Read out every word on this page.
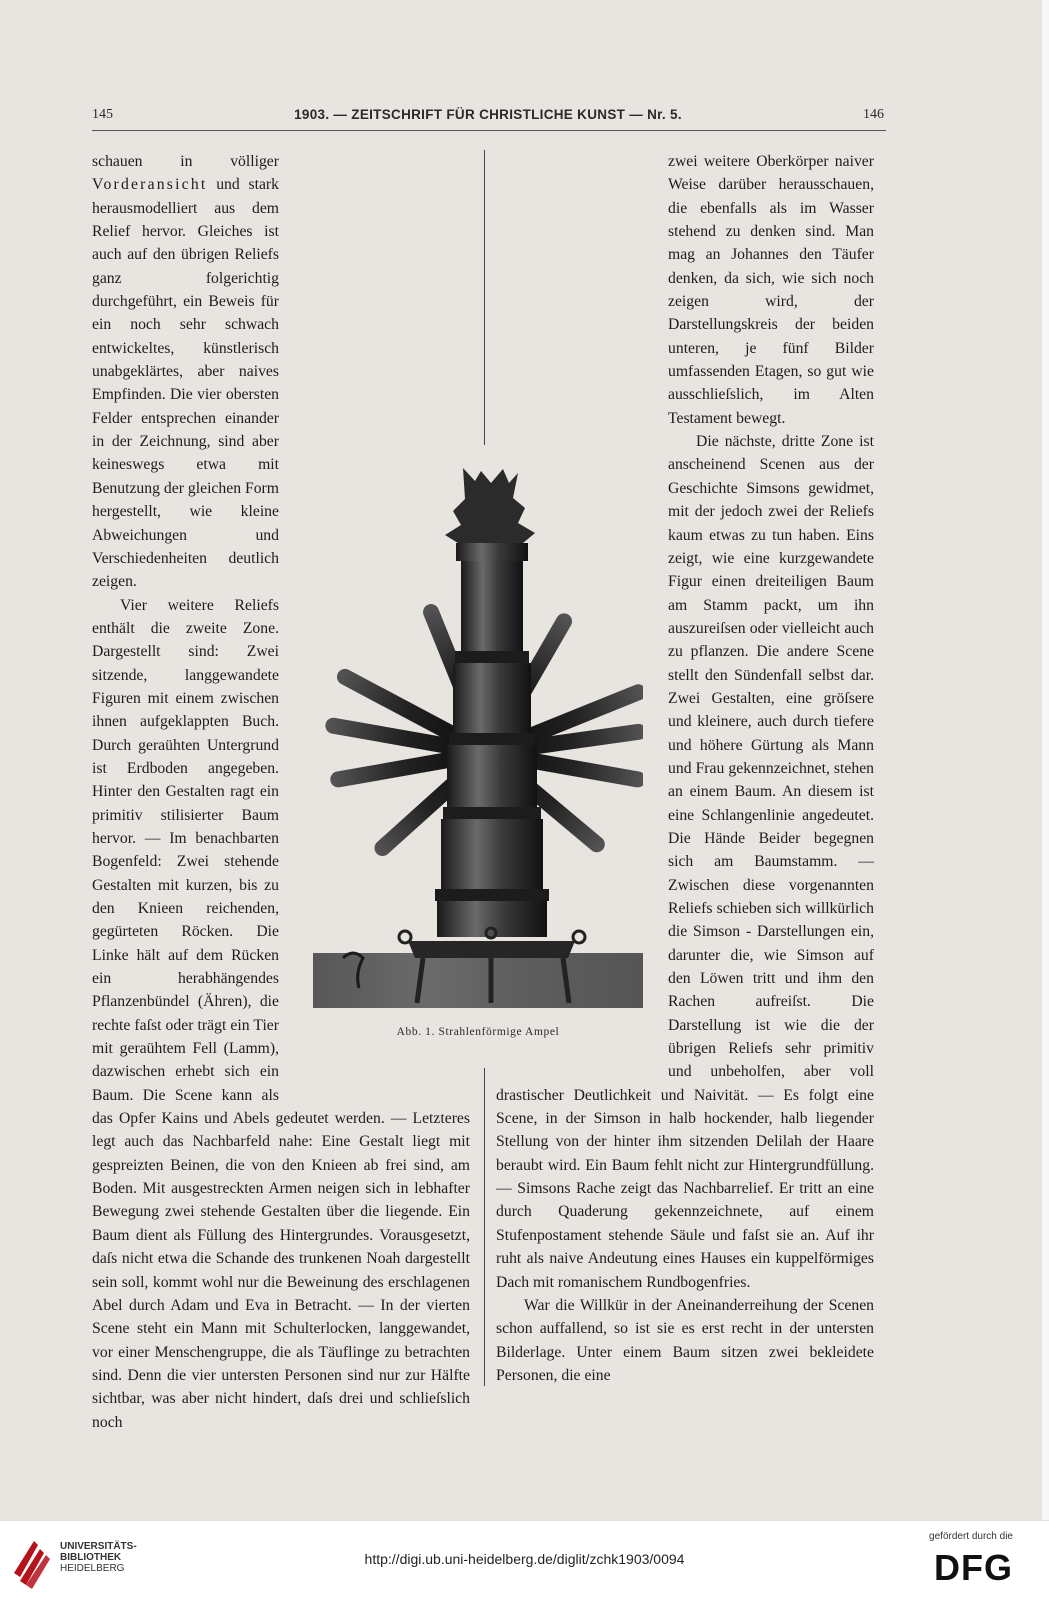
145	1903. — ZEITSCHRIFT FÜR CHRISTLICHE KUNST — Nr. 5.	146

schauen in völliger Vorderansicht und stark herausmodelliert aus dem Relief hervor. Gleiches ist auch auf den übrigen Reliefs ganz folgerichtig durchgeführt, ein Beweis für ein noch sehr schwach entwickeltes, künstlerisch unabgeklärtes, aber naives Empfinden. Die vier obersten Felder entsprechen einander in der Zeichnung, sind aber keineswegs etwa mit Benutzung der gleichen Form hergestellt, wie kleine Abweichungen und Verschiedenheiten deutlich zeigen.

Vier weitere Reliefs enthält die zweite Zone. Dargestellt sind: Zwei sitzende, langgewandete Figuren mit einem zwischen ihnen aufgeklappten Buch. Durch geraühten Untergrund ist Erdboden angegeben. Hinter den Gestalten ragt ein primitiv stilisierter Baum hervor. — Im benachbarten Bogenfeld: Zwei stehende Gestalten mit kurzen, bis zu den Knieen reichenden, gegürteten Röcken. Die Linke hält auf dem Rücken ein herabhängendes Pflanzenbündel (Ähren), die rechte faſst oder trägt ein Tier mit geraühtem Fell (Lamm), dazwischen erhebt sich ein Baum. Die Scene kann als das Opfer Kains und Abels gedeutet werden. — Letzteres legt auch das Nachbarfeld nahe: Eine Gestalt liegt mit gespreizten Beinen, die von den Knieen ab frei sind, am Boden. Mit ausgestreckten Armen neigen sich in lebhafter Bewegung zwei stehende Gestalten über die liegende. Ein Baum dient als Füllung des Hintergrundes. Vorausgesetzt, daſs nicht etwa die Schande des trunkenen Noah dargestellt sein soll, kommt wohl nur die Beweinung des erschlagenen Abel durch Adam und Eva in Betracht. — In der vierten Scene steht ein Mann mit Schulterlocken, langgewandet, vor einer Menschengruppe, die als Täuflinge zu betrachten sind. Denn die vier untersten Personen sind nur zur Hälfte sichtbar, was aber nicht hindert, daſs drei und schlieſslich noch

zwei weitere Oberkörper naiver Weise darüber herausschauen, die ebenfalls als im Wasser stehend zu denken sind. Man mag an Johannes den Täufer denken, da sich, wie sich noch zeigen wird, der Darstellungskreis der beiden unteren, je fünf Bilder umfassenden Etagen, so gut wie ausschlieſslich, im Alten Testament bewegt.

Die nächste, dritte Zone ist anscheinend Scenen aus der Geschichte Simsons gewidmet, mit der jedoch zwei der Reliefs kaum etwas zu tun haben. Eins zeigt, wie eine kurzgewandete Figur einen dreiteiligen Baum am Stamm packt, um ihn auszureiſsen oder vielleicht auch zu pflanzen. Die andere Scene stellt den Sündenfall selbst dar. Zwei Gestalten, eine gröſsere und kleinere, auch durch tiefere und höhere Gürtung als Mann und Frau gekennzeichnet, stehen an einem Baum. An diesem ist eine Schlangenlinie angedeutet. Die Hände Beider begegnen sich am Baumstamm. — Zwischen diese vorgenannten Reliefs schieben sich willkürlich die Simson - Darstellungen ein, darunter die, wie Simson auf den Löwen tritt und ihm den Rachen aufreiſst. Die Darstellung ist wie die der übrigen Reliefs sehr primitiv und unbeholfen, aber voll drastischer Deutlichkeit und Naivität. — Es folgt eine Scene, in der Simson in halb hockender, halb liegender Stellung von der hinter ihm sitzenden Delilah der Haare beraubt wird. Ein Baum fehlt nicht zur Hintergrundfüllung. — Simsons Rache zeigt das Nachbarrelief. Er tritt an eine durch Quaderung gekennzeichnete, auf einem Stufenpostament stehende Säule und faſst sie an. Auf ihr ruht als naive Andeutung eines Hauses ein kuppelförmiges Dach mit romanischem Rundbogenfries.

War die Willkür in der Aneinanderreihung der Scenen schon auffallend, so ist sie es erst recht in der untersten Bilderlage. Unter einem Baum sitzen zwei bekleidete Personen, die eine

Abb. 1. Strahlenförmige Ampel
UNIVERSITÄTS-
BIBLIOTHEK
HEIDELBERG
http://digi.ub.uni-heidelberg.de/diglit/zchk1903/0094
gefördert durch die
DFG
